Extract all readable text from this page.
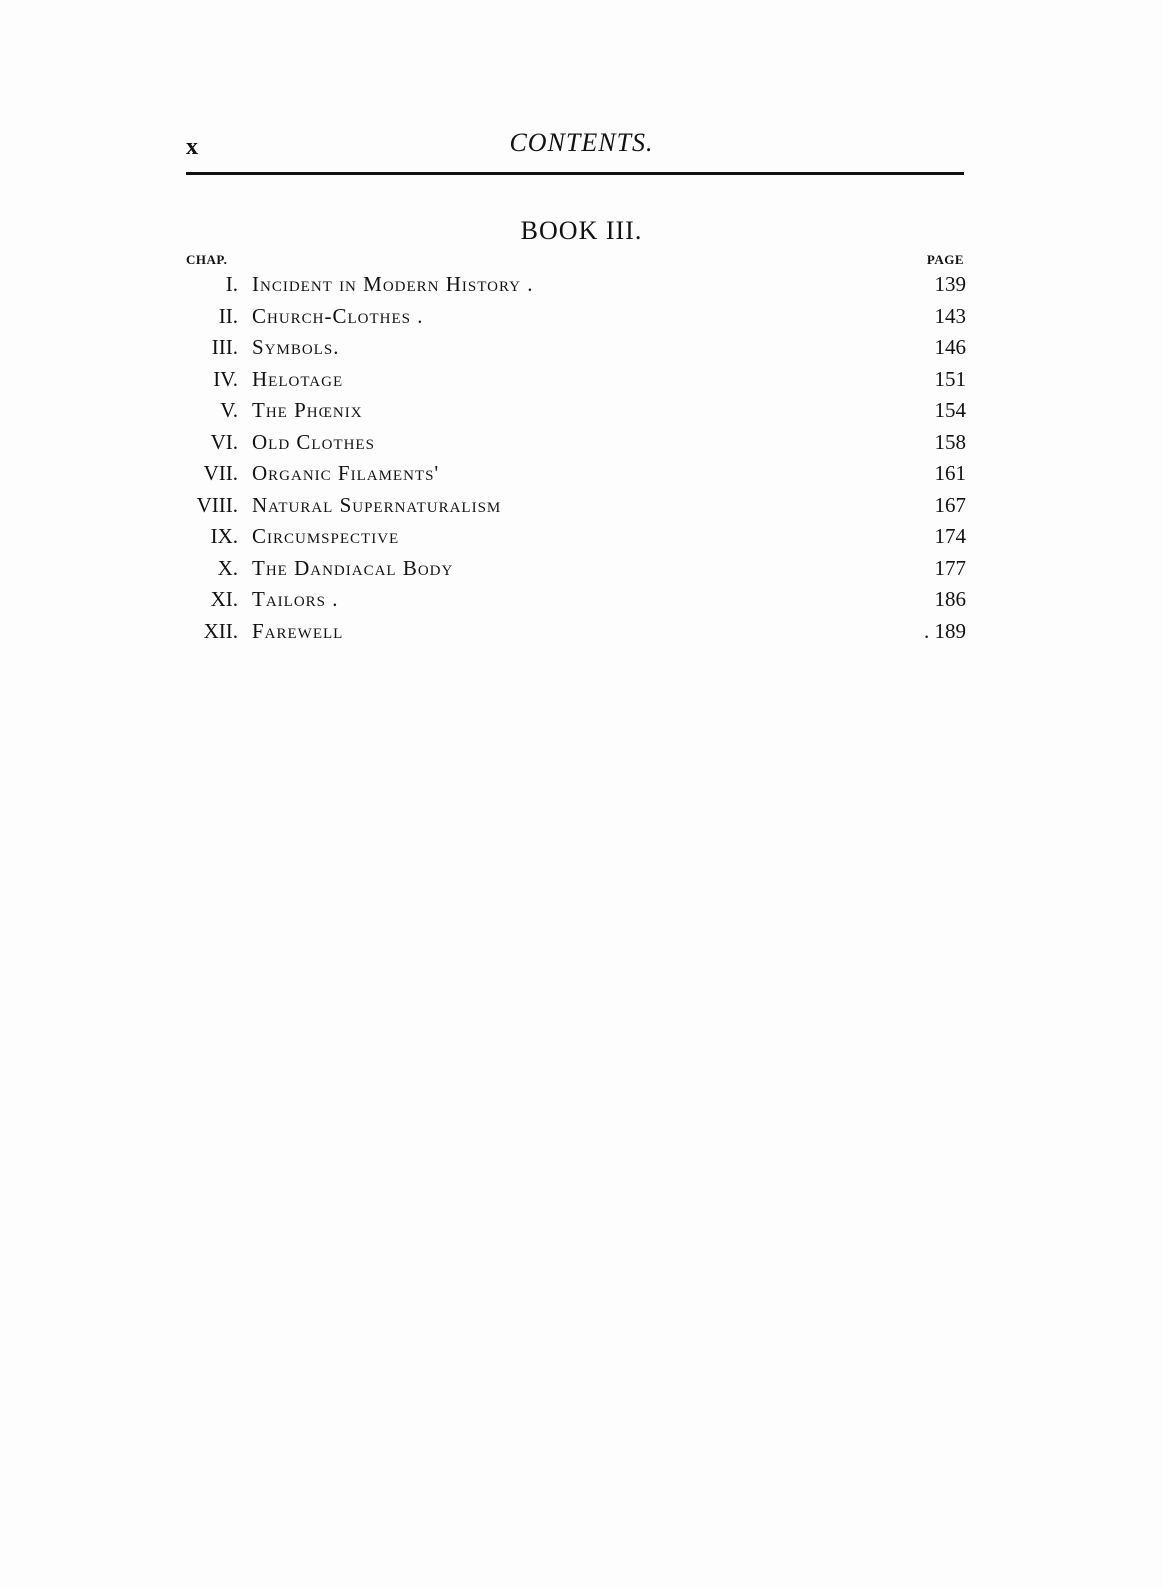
x	CONTENTS.
BOOK III.
CHAP.	PAGE
I. Incident in Modern History .	139
II. Church-Clothes .	143
III. Symbols.	146
IV. Helotage	151
V. The Phœnix	154
VI. Old Clothes	158
VII. Organic Filaments'	161
VIII. Natural Supernaturalism	167
IX. Circumspective	174
X. The Dandiacal Body	177
XI. Tailors .	186
XII. Farewell	. 189
